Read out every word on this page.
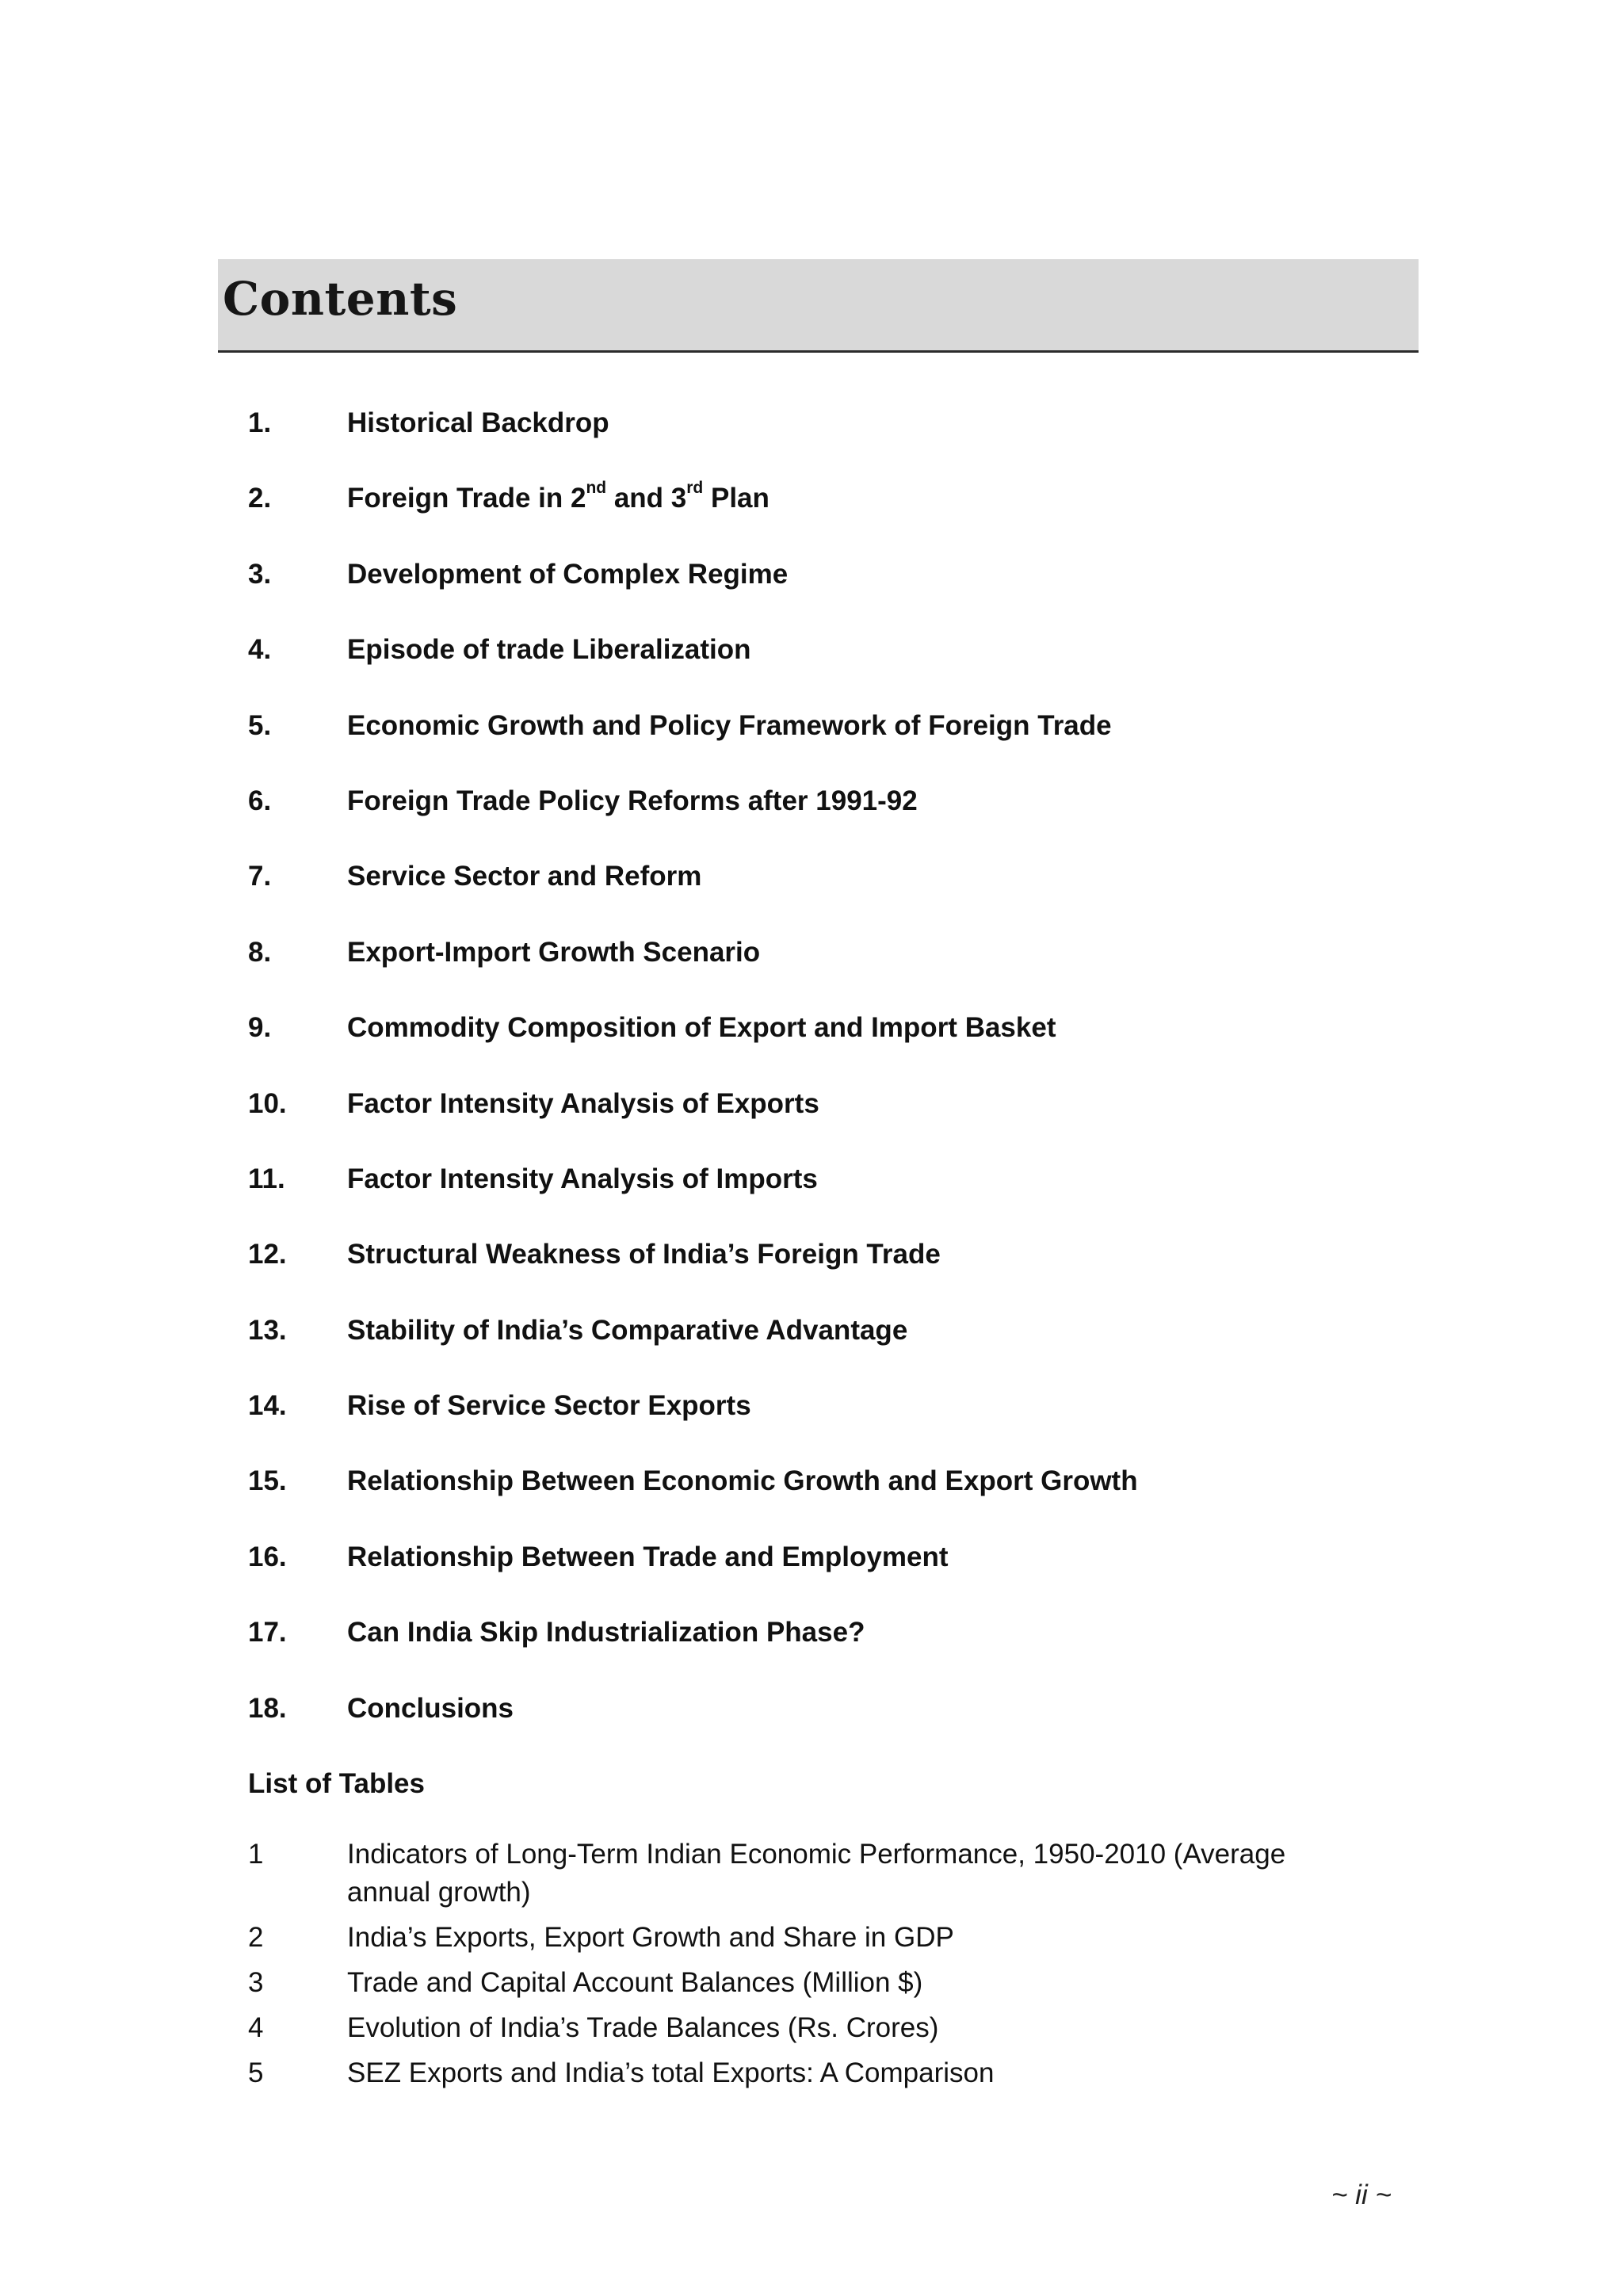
Contents
1.	Historical Backdrop
2.	Foreign Trade in 2nd and 3rd Plan
3.	Development of Complex Regime
4.	Episode of trade Liberalization
5.	Economic Growth and Policy Framework of Foreign Trade
6.	Foreign Trade Policy Reforms after 1991-92
7.	Service Sector and Reform
8.	Export-Import Growth Scenario
9.	Commodity Composition of Export and Import Basket
10. Factor Intensity Analysis of Exports
11. Factor Intensity Analysis of Imports
12. Structural Weakness of India’s Foreign Trade
13. Stability of India’s Comparative Advantage
14. Rise of Service Sector Exports
15. Relationship Between Economic Growth and Export Growth
16. Relationship Between Trade and Employment
17. Can India Skip Industrialization Phase?
18. Conclusions
List of Tables
1	Indicators of Long-Term Indian Economic Performance, 1950-2010 (Average annual growth)
2	India’s Exports, Export Growth and Share in GDP
3	Trade and Capital Account Balances (Million $)
4	Evolution of India’s Trade Balances (Rs. Crores)
5	SEZ Exports and India’s total Exports: A Comparison
~ ii ~
